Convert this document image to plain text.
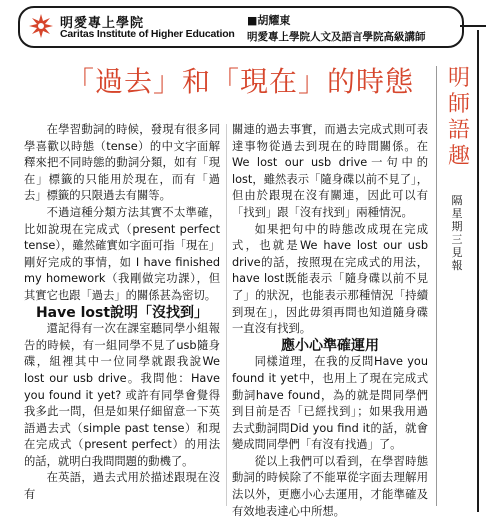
明愛專上學院
Caritas Institute of Higher Education
■胡耀東
明愛專上學院人文及語言學院高級講師
「過去」和「現在」的時態	明
師
語
趣
隔
星
期
三
見
報

在學習動詞的時候，發現有很多同學喜歡以時態（tense）的中文字面解釋來把不同時態的動詞分類，如有「現在」標籤的只能用於現在，而有「過去」標籤的只限過去有關等。

不過這種分類方法其實不太準確，比如說現在完成式（present perfect tense），雖然確實如字面可指「現在」剛好完成的事情，如 I have finished my homework（我剛做完功課），但其實它也跟「過去」的關係甚為密切。

Have lost說明「沒找到」

還記得有一次在課室聽同學小組報告的時候，有一組同學不見了usb隨身碟，組裡其中一位同學就跟我說We lost our usb drive。我問他：Have you found it yet? 或許有同學會覺得我多此一問，但是如果仔細留意一下英語過去式（simple past tense）和現在完成式（present perfect）的用法的話，就明白我問問題的動機了。

在英語，過去式用於描述跟現在沒有

關連的過去事實，而過去完成式則可表達事物從過去到現在的時間關係。在We lost our usb drive一句中的lost，雖然表示「隨身碟以前不見了」，但由於跟現在沒有關連，因此可以有「找到」跟「沒有找到」兩種情況。

如果把句中的時態改成現在完成式，也就是We have lost our usb drive的話，按照現在完成式的用法，have lost既能表示「隨身碟以前不見了」的狀況，也能表示那種情況「持續到現在」，因此毋須再問也知道隨身碟一直沒有找到。

應小心準確運用

同樣道理，在我的反問Have you found it yet中，也用上了現在完成式動詞have found，為的就是問同學們到目前是否「已經找到」；如果我用過去式動詞問Did you find it的話，就會變成問同學們「有沒有找過」了。

從以上我們可以看到，在學習時態動詞的時候除了不能單從字面去理解用法以外，更應小心去運用，才能準確及有效地表達心中所想。
